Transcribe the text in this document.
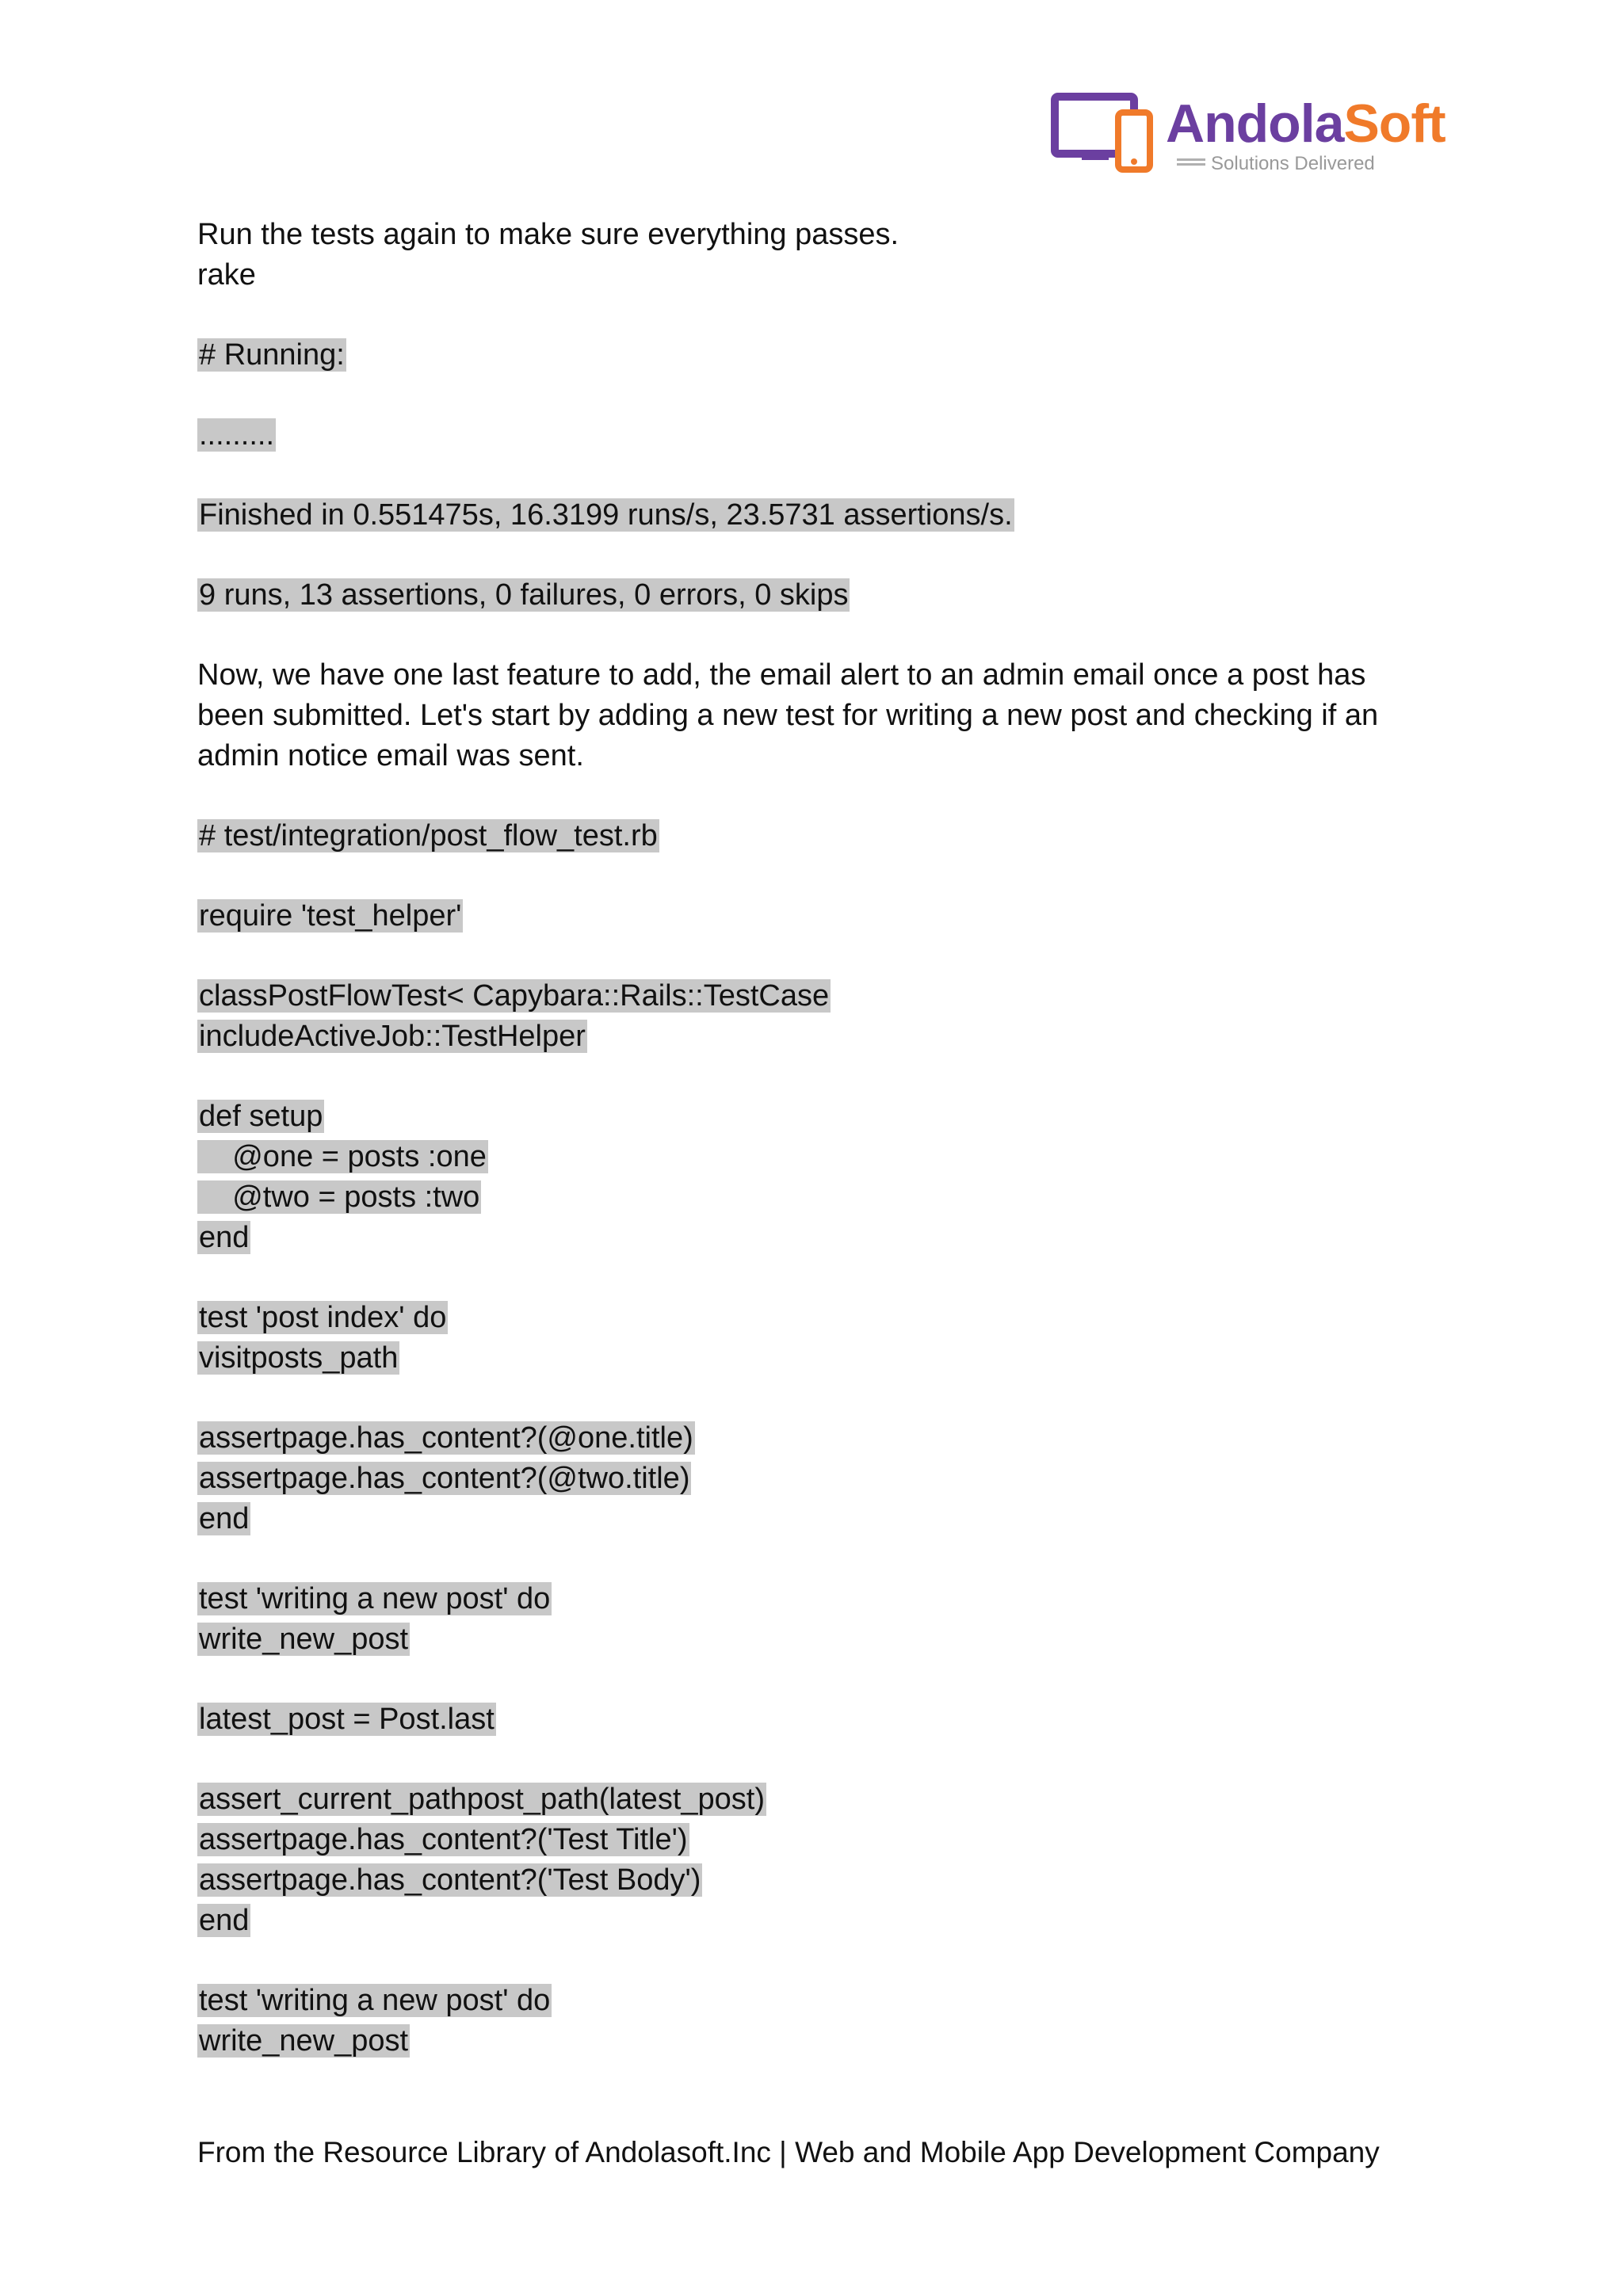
AndolaSoft
Solutions Delivered
Run the tests again to make sure everything passes.
rake
# Running:
.........
Finished in 0.551475s, 16.3199 runs/s, 23.5731 assertions/s.
9 runs, 13 assertions, 0 failures, 0 errors, 0 skips
Now, we have one last feature to add, the email alert to an admin email once a post has
been submitted. Let's start by adding a new test for writing a new post and checking if an
admin notice email was sent.
# test/integration/post_flow_test.rb
require 'test_helper'
classPostFlowTest< Capybara::Rails::TestCase
includeActiveJob::TestHelper
def setup
@one = posts :one
@two = posts :two
end
test 'post index' do
visitposts_path
assertpage.has_content?(@one.title)
assertpage.has_content?(@two.title)
end
test 'writing a new post' do
write_new_post
latest_post = Post.last
assert_current_pathpost_path(latest_post)
assertpage.has_content?('Test Title')
assertpage.has_content?('Test Body')
end
test 'writing a new post' do
write_new_post
From the Resource Library of Andolasoft.Inc | Web and Mobile App Development Company
